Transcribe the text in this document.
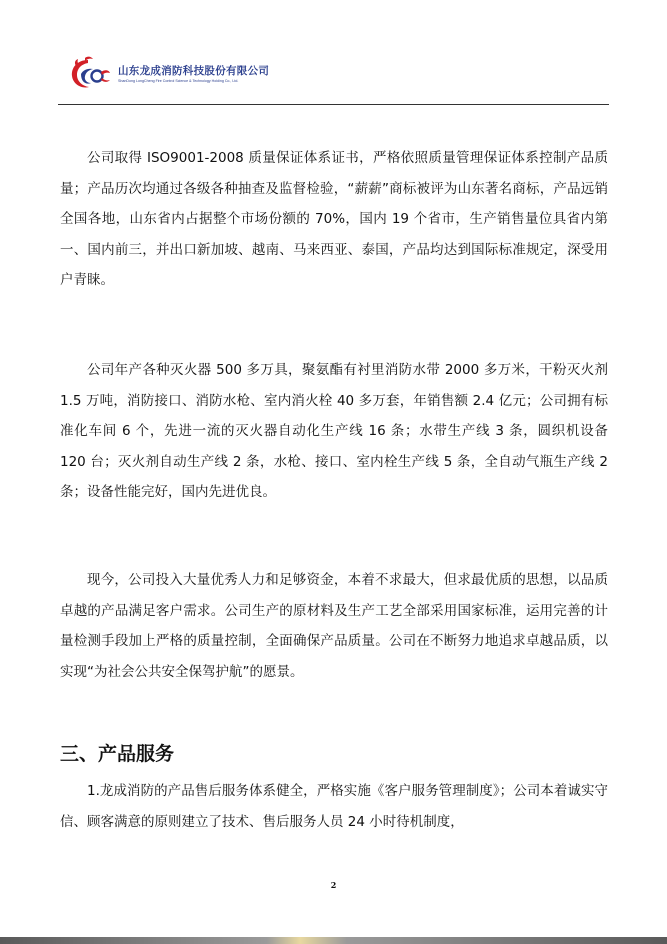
山东龙成消防科技股份有限公司
ShanDong LongCheng Fire Control Science & Technology Holding Co., Ltd.

公司取得 ISO9001-2008 质量保证体系证书，严格依照质量管理保证体系控制产品质量；产品历次均通过各级各种抽查及监督检验，“薪薪”商标被评为山东著名商标，产品远销全国各地，山东省内占据整个市场份额的 70%，国内 19 个省市，生产销售量位具省内第一、国内前三，并出口新加坡、越南、马来西亚、泰国，产品均达到国际标准规定，深受用户青睐。

公司年产各种灭火器 500 多万具，聚氨酯有衬里消防水带 2000 多万米，干粉灭火剂 1.5 万吨，消防接口、消防水枪、室内消火栓 40 多万套，年销售额 2.4 亿元；公司拥有标准化车间 6 个，先进一流的灭火器自动化生产线 16 条；水带生产线 3 条，圆织机设备 120 台；灭火剂自动生产线 2 条，水枪、接口、室内栓生产线 5 条，全自动气瓶生产线 2 条；设备性能完好，国内先进优良。

现今，公司投入大量优秀人力和足够资金，本着不求最大，但求最优质的思想，以品质卓越的产品满足客户需求。公司生产的原材料及生产工艺全部采用国家标准，运用完善的计量检测手段加上严格的质量控制，全面确保产品质量。公司在不断努力地追求卓越品质，以实现“为社会公共安全保驾护航”的愿景。

三、产品服务

1.龙成消防的产品售后服务体系健全，严格实施《客户服务管理制度》；公司本着诚实守信、顾客满意的原则建立了技术、售后服务人员 24 小时待机制度，

2
